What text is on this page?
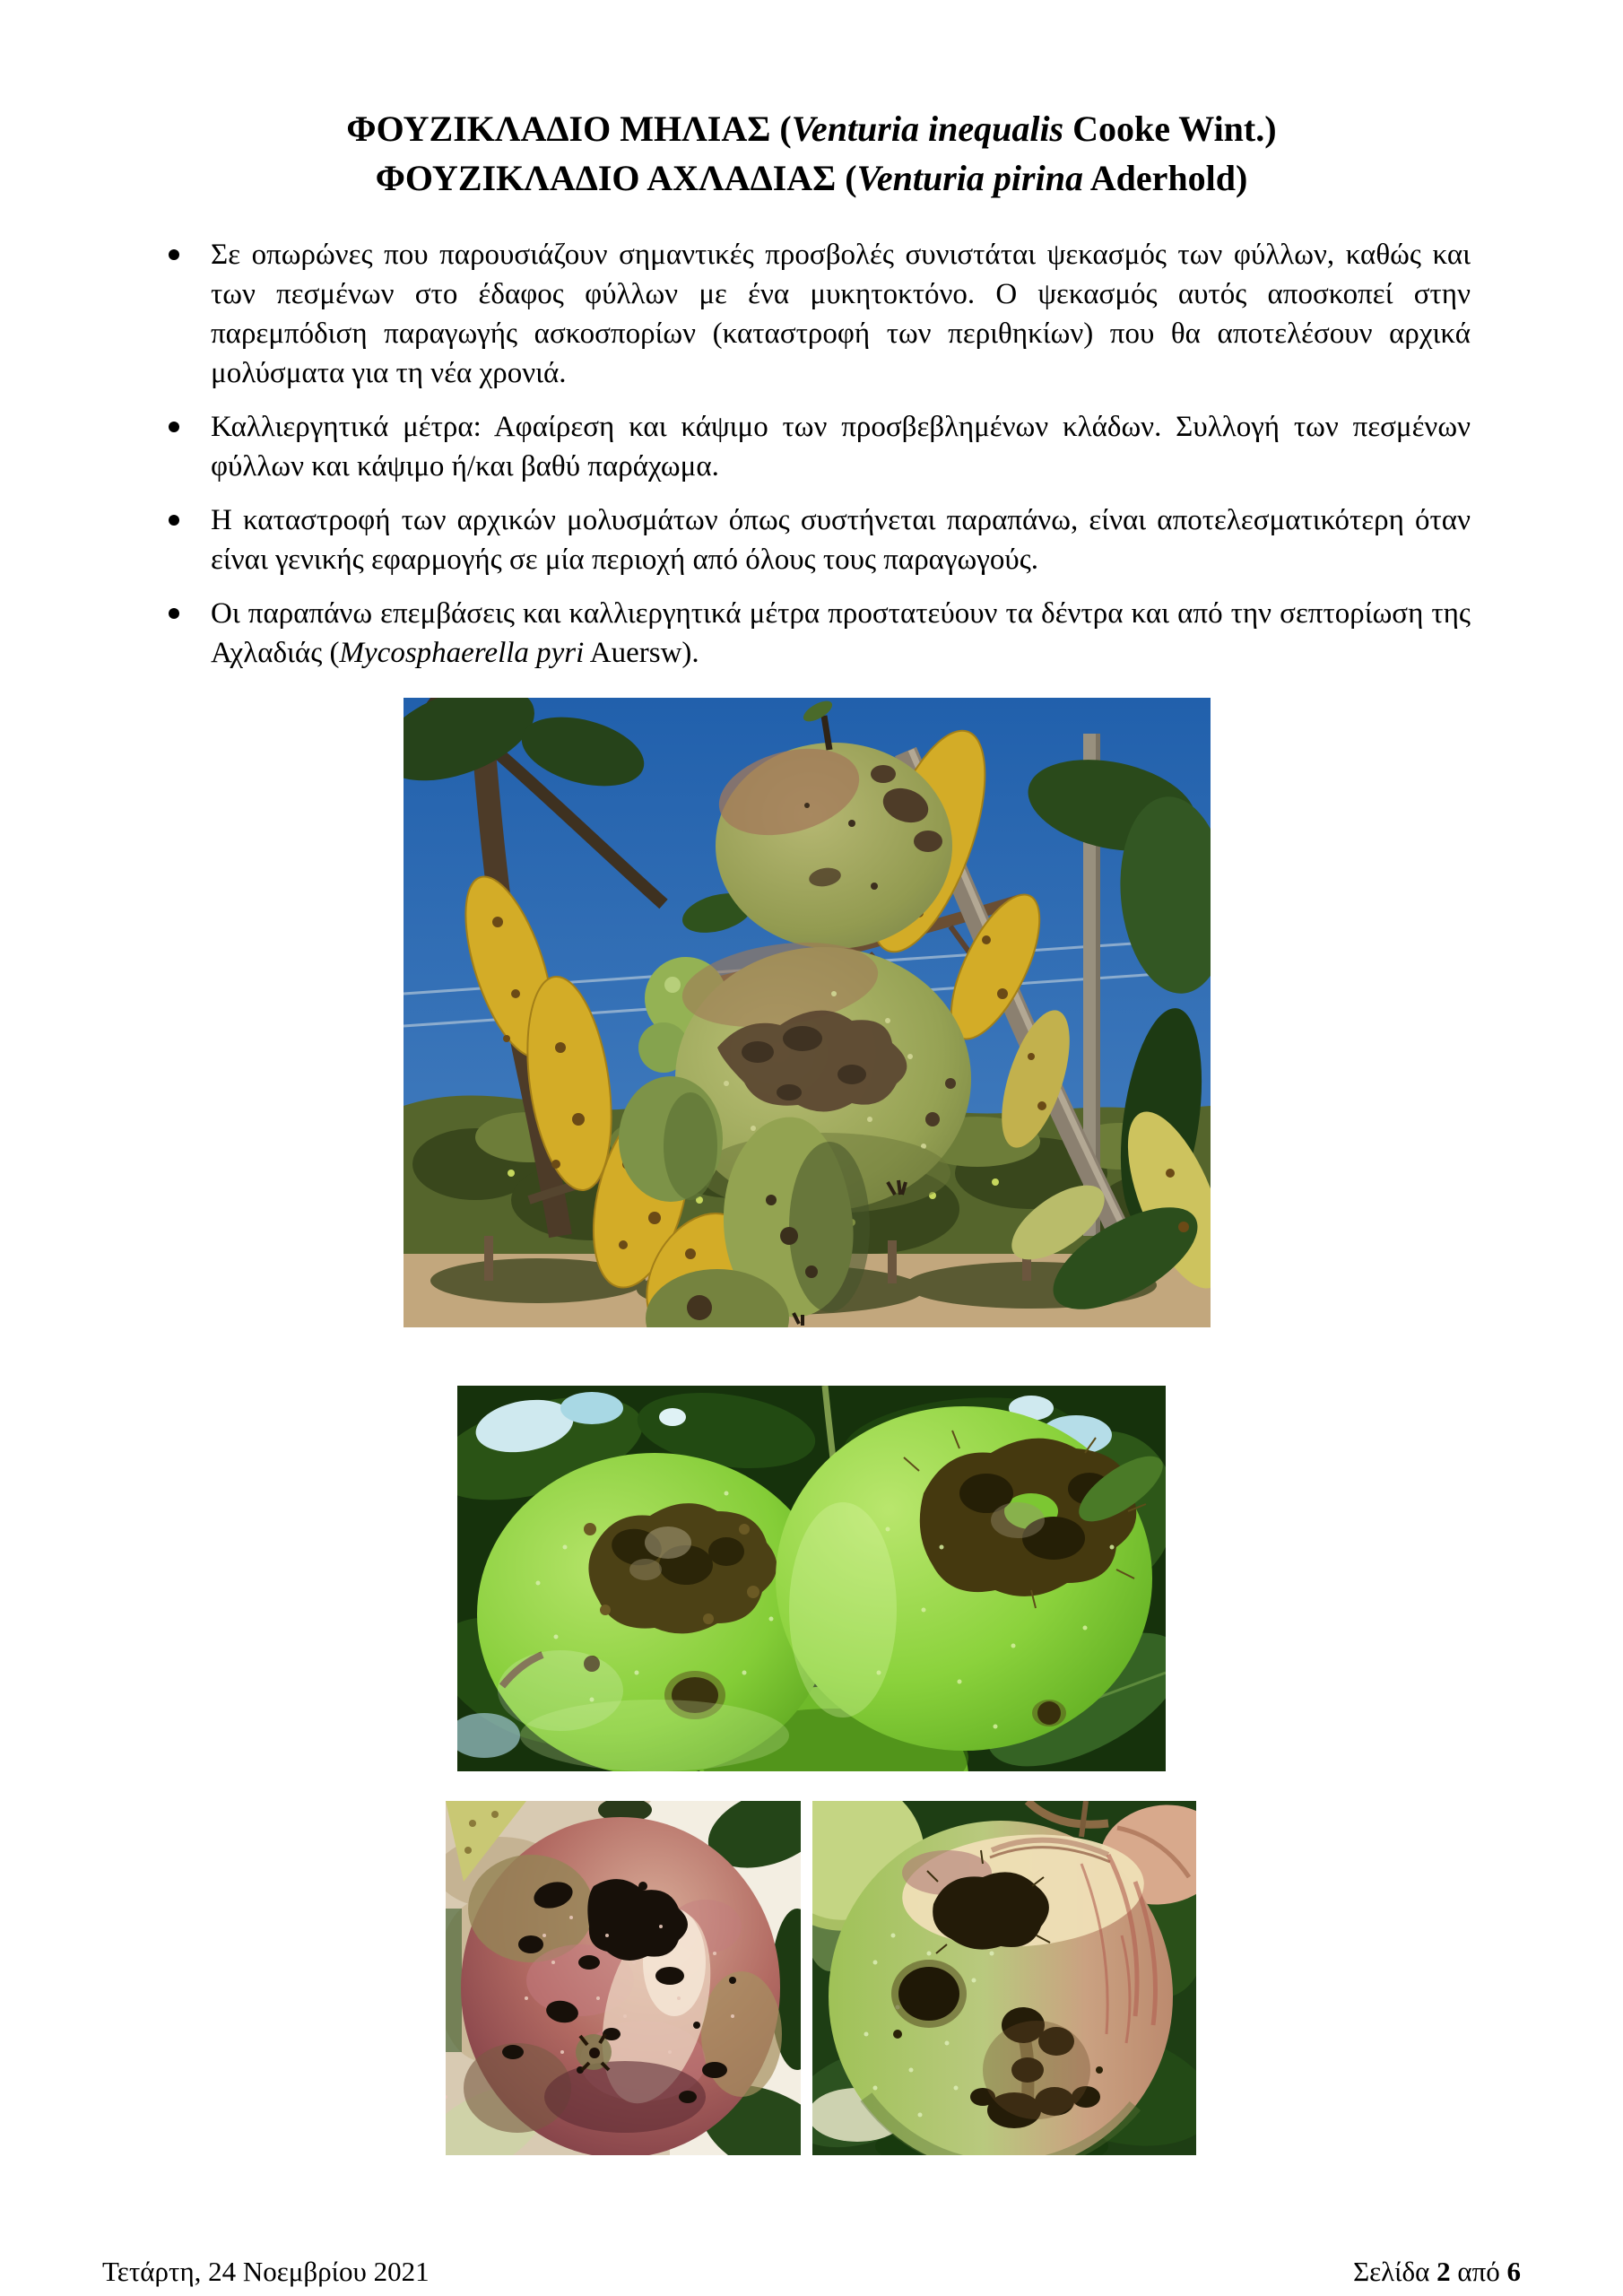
ΦΟΥΖΙΚΛΑΔΙΟ ΜΗΛΙΑΣ (Venturia inequalis Cooke Wint.)
ΦΟΥΖΙΚΛΑΔΙΟ ΑΧΛΑΔΙΑΣ (Venturia pirina Aderhold)
Σε οπωρώνες που παρουσιάζουν σημαντικές προσβολές συνιστάται ψεκασμός των φύλλων, καθώς και των πεσμένων στο έδαφος φύλλων με ένα μυκητοκτόνο. Ο ψεκασμός αυτός αποσκοπεί στην παρεμπόδιση παραγωγής ασκοσπορίων (καταστροφή των περιθηκίων) που θα αποτελέσουν αρχικά μολύσματα για τη νέα χρονιά.
Καλλιεργητικά μέτρα: Αφαίρεση και κάψιμο των προσβεβλημένων κλάδων. Συλλογή των πεσμένων φύλλων και κάψιμο ή/και βαθύ παράχωμα.
Η καταστροφή των αρχικών μολυσμάτων όπως συστήνεται παραπάνω, είναι αποτελεσματικότερη όταν είναι γενικής εφαρμογής σε μία περιοχή από όλους τους παραγωγούς.
Οι παραπάνω επεμβάσεις και καλλιεργητικά μέτρα προστατεύουν τα δέντρα και από την σεπτορίωση της Αχλαδιάς (Mycosphaerella pyri Auersw).
Τετάρτη, 24 Νοεμβρίου 2021	Σελίδα 2 από 6
